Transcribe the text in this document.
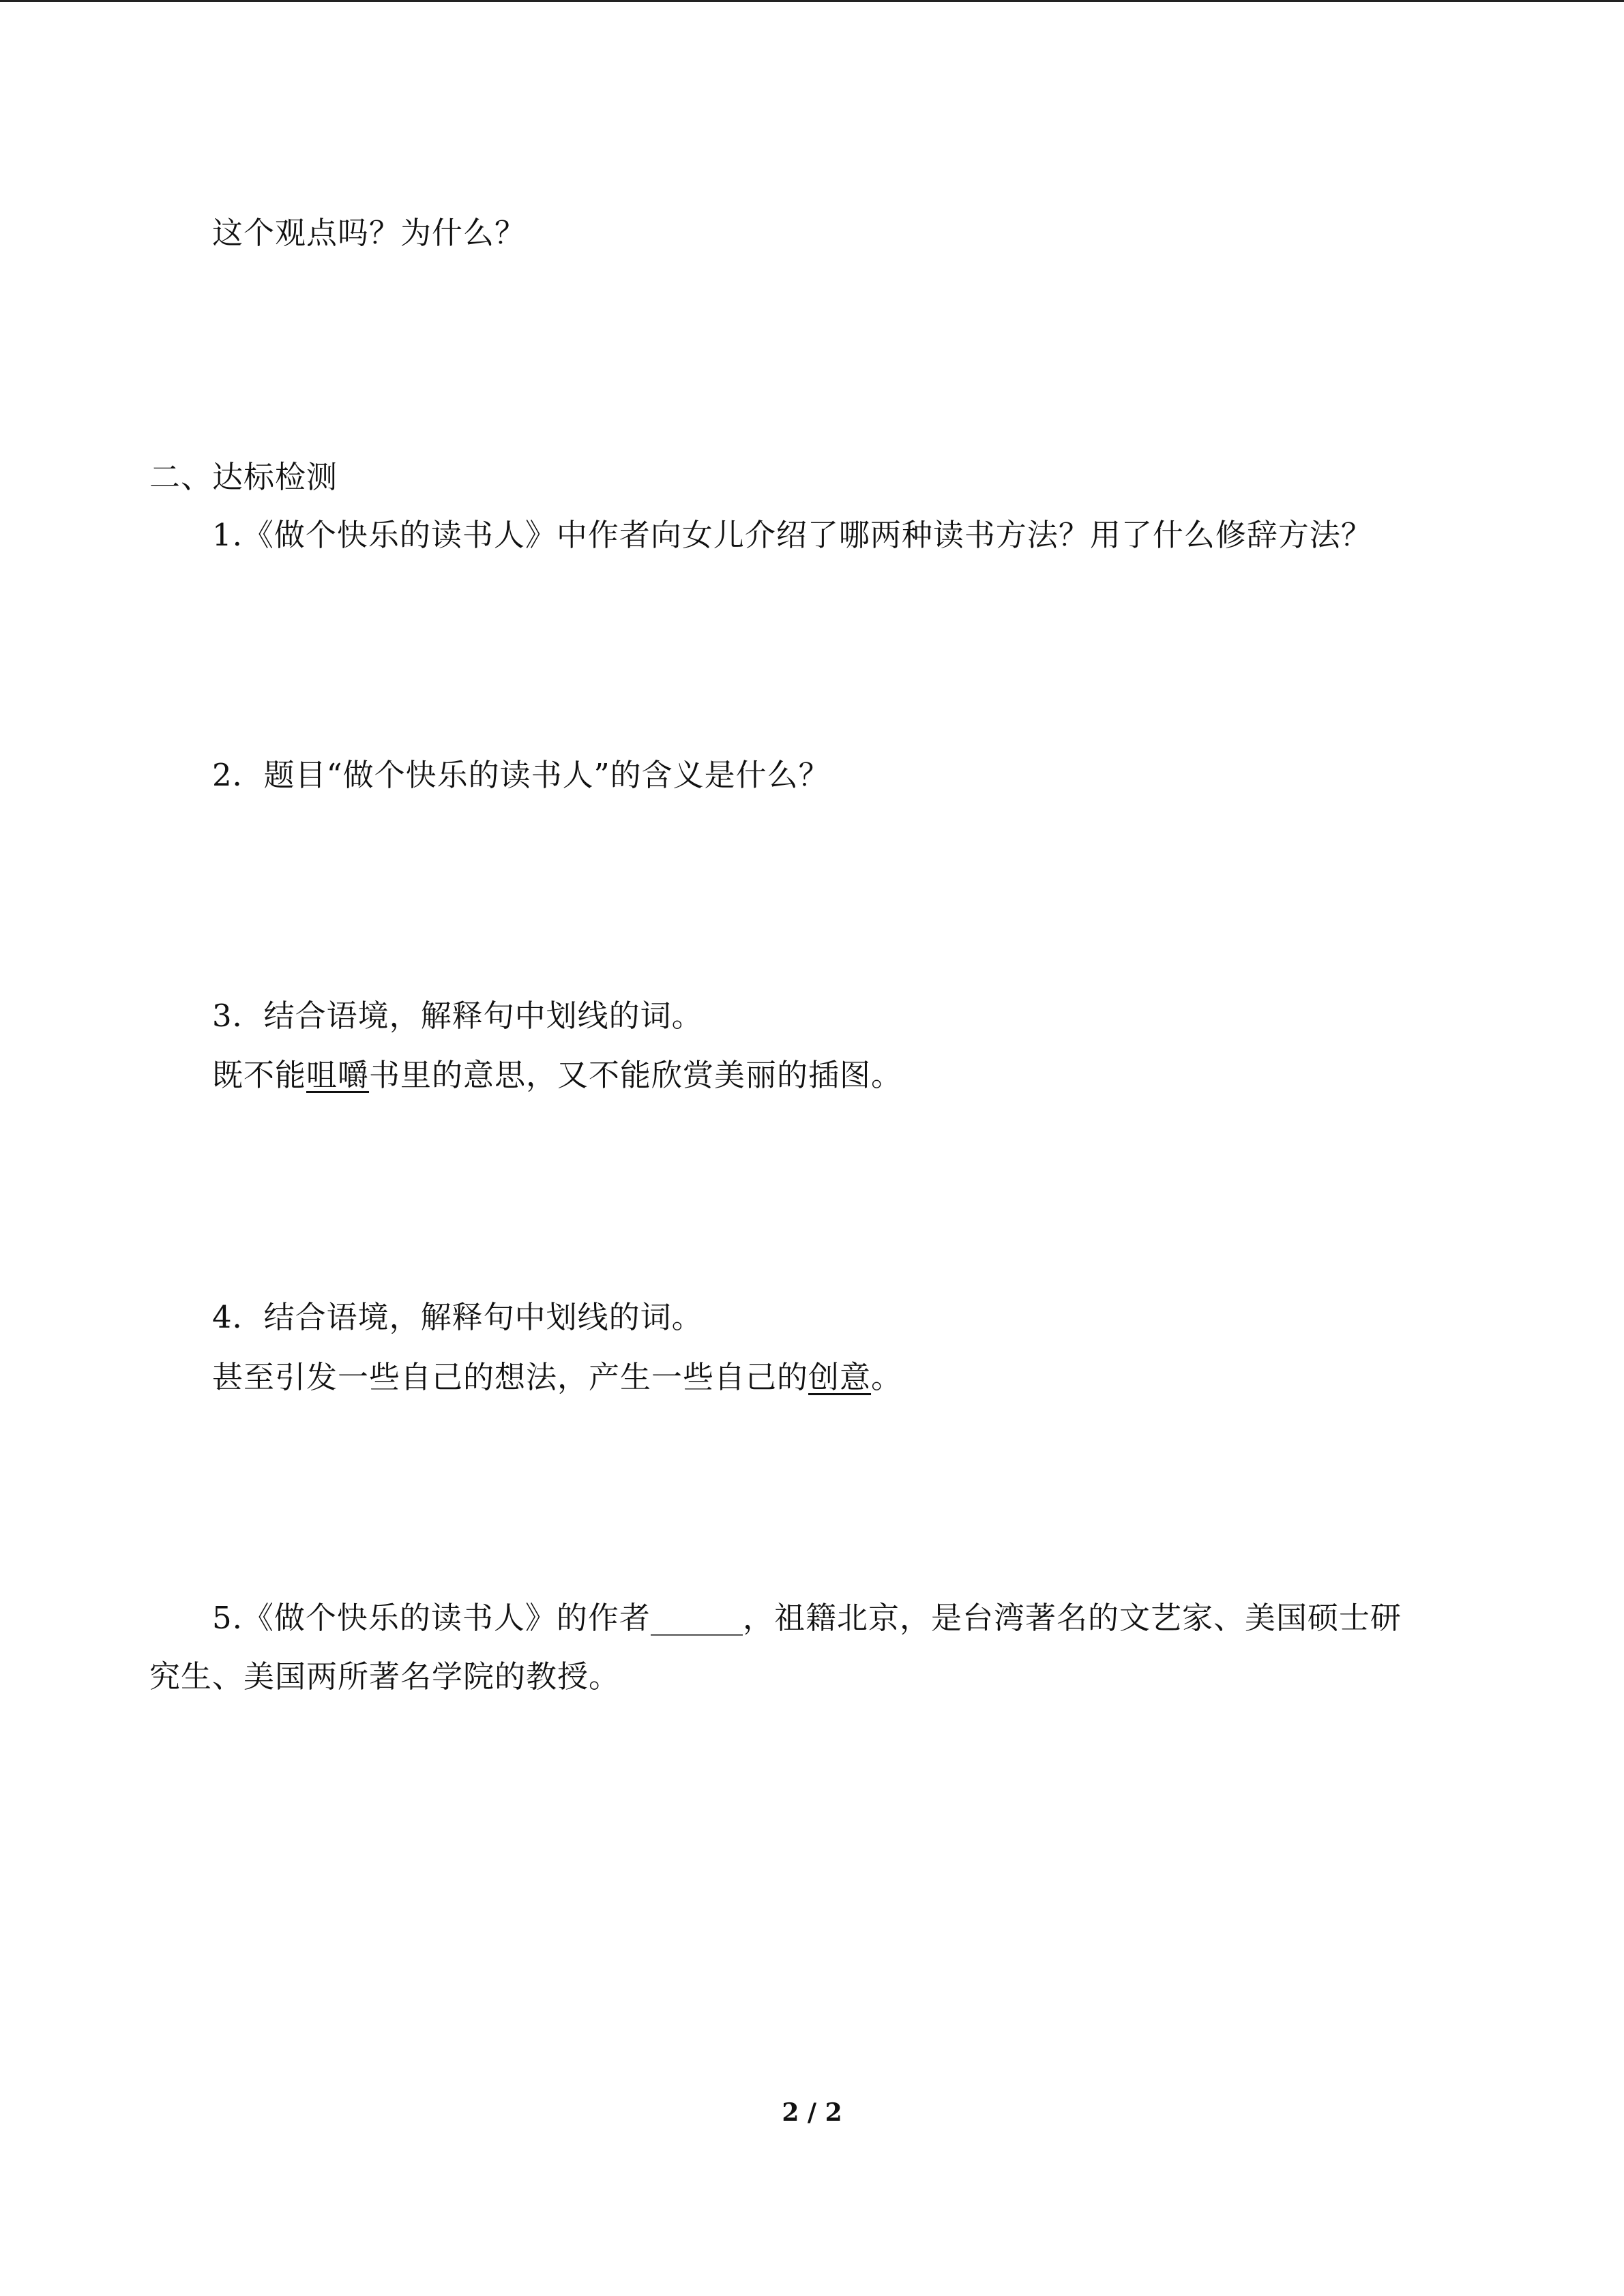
这个观点吗？为什么？
二、达标检测
1.《做个快乐的读书人》中作者向女儿介绍了哪两种读书方法？用了什么修辞方法？
2．题目“做个快乐的读书人”的含义是什么？
3．结合语境，解释句中划线的词。
既不能咀嚼书里的意思，又不能欣赏美丽的插图。
4．结合语境，解释句中划线的词。
甚至引发一些自己的想法，产生一些自己的创意。
5.《做个快乐的读书人》的作者______，祖籍北京，是台湾著名的文艺家、美国硕士研
究生、美国两所著名学院的教授。
2 / 2
